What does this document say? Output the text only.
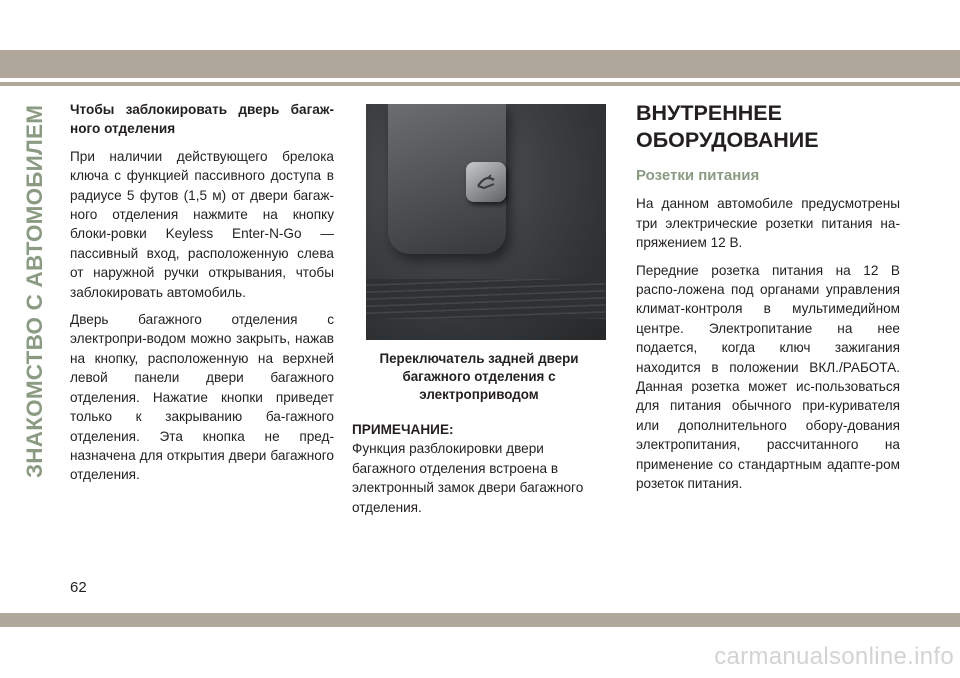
ЗНАКОМСТВО С АВТОМОБИЛЕМ Чтобы заблокировать дверь багаж-ного отделения

При наличии действующего брелока ключа с функцией пассивного доступа в радиусе 5 футов (1,5 м) от двери багаж-ного отделения нажмите на кнопку блоки-ровки Keyless Enter-N-Go — пассивный вход, расположенную слева от наружной ручки открывания, чтобы заблокировать автомобиль.

Дверь багажного отделения с электропри-водом можно закрыть, нажав на кнопку, расположенную на верхней левой панели двери багажного отделения. Нажатие кнопки приведет только к закрыванию ба-гажного отделения. Эта кнопка не пред-назначена для открытия двери багажного отделения.

Переключатель задней двери багажного отделения с электроприводом
ПРИМЕЧАНИЕ:
Функция разблокировки двери багажного отделения встроена в электронный замок двери багажного отделения.
ВНУТРЕННЕЕ ОБОРУДОВАНИЕ
Розетки питания

На данном автомобиле предусмотрены три электрические розетки питания на-пряжением 12 В.

Передние розетка питания на 12 В распо-ложена под органами управления климат-контроля в мультимедийном центре. Электропитание на нее подается, когда ключ зажигания находится в положении ВКЛ./РАБОТА. Данная розетка может ис-пользоваться для питания обычного при-куривателя или дополнительного обору-дования электропитания, рассчитанного на применение со стандартным адапте-ром розеток питания.

62
carmanualsonline.info
